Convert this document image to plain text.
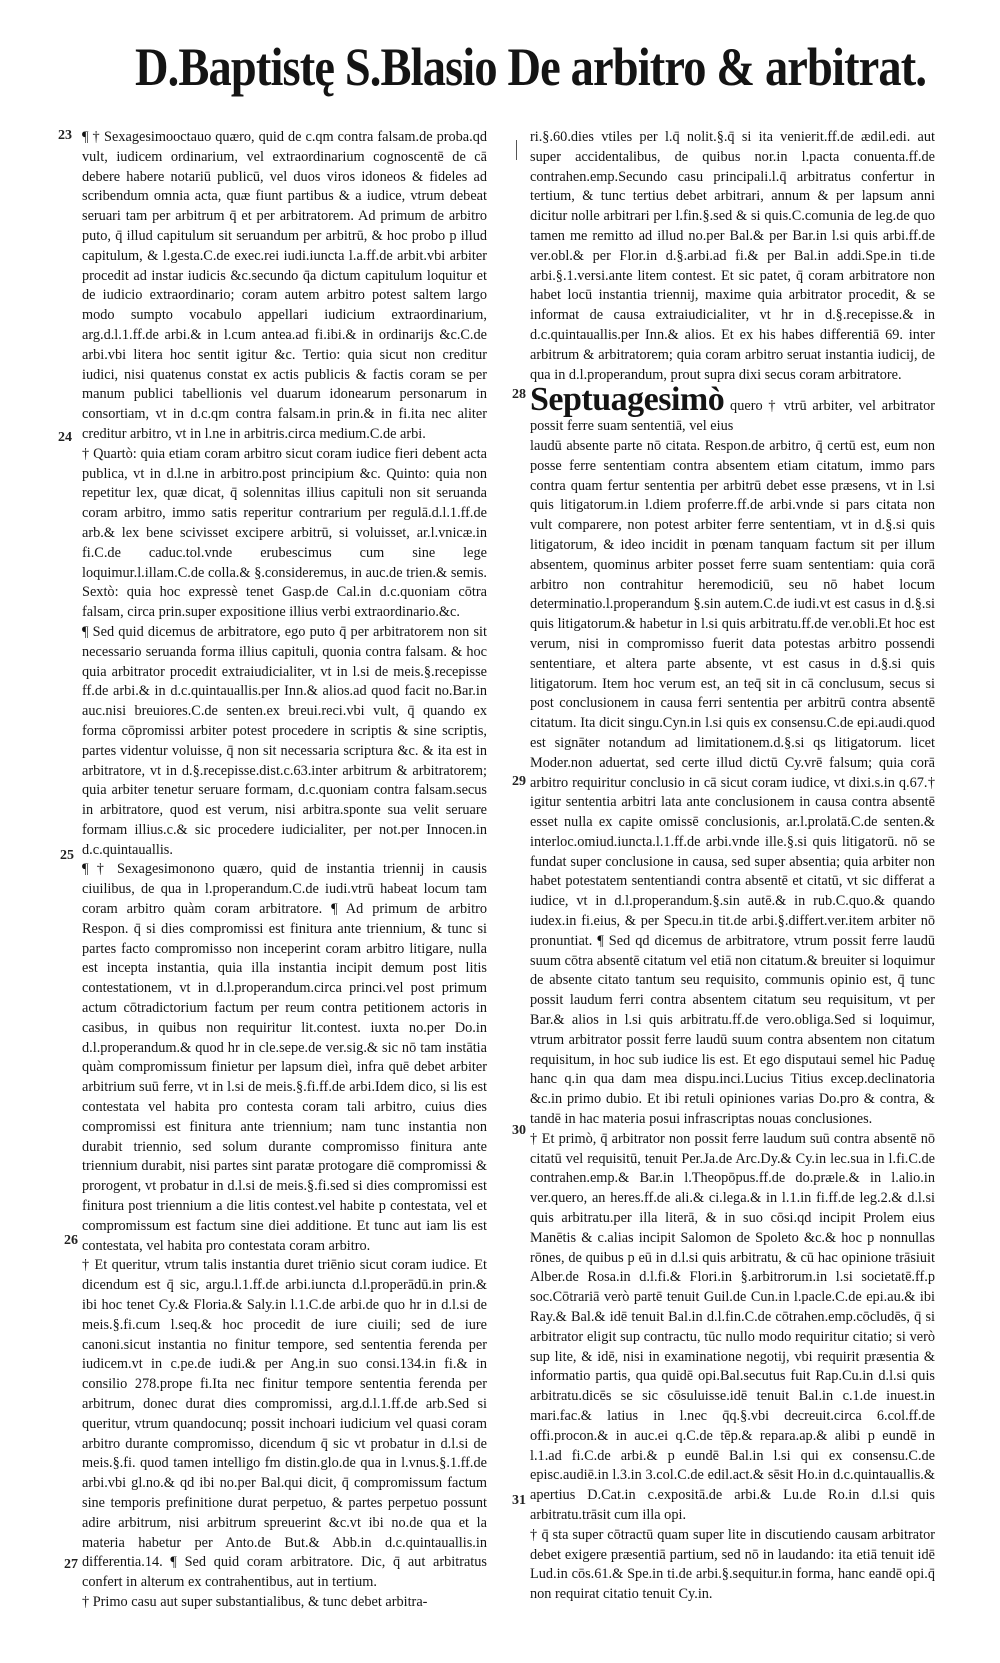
D.Baptistę S.Blasio De arbitro & arbitrat.
23
24
25
26
27
28
29
30
31

¶ † Sexagesimooctauo quæro, quid de c.qm contra falsam.de proba.qd vult, iudicem ordinarium, vel extraordinarium cognoscentē de cā debere habere notariū publicū, vel duos viros idoneos & fideles ad scribendum omnia acta, quæ fiunt partibus & a iudice, vtrum debeat seruari tam per arbitrum q̄ et per arbitratorem. Ad primum de arbitro puto, q̄ illud capitulum sit seruandum per arbitrū, & hoc probo p illud capitulum, & l.gesta.C.de exec.rei iudi.iuncta l.a.ff.de arbit.vbi arbiter procedit ad instar iudicis &c.secundo q̄a dictum capitulum loquitur et de iudicio extraordinario; coram autem arbitro potest saltem largo modo sumpto vocabulo appellari iudicium extraordinarium, arg.d.l.1.ff.de arbi.& in l.cum antea.ad fi.ibi.& in ordinarijs &c.C.de arbi.vbi litera hoc sentit igitur &c. Tertio: quia sicut non creditur iudici, nisi quatenus constat ex actis publicis & factis coram se per manum publici tabellionis vel duarum idonearum personarum in consortiam, vt in d.c.qm contra falsam.in prin.& in fi.ita nec aliter creditur arbitro, vt in l.ne in arbitris.circa medium.C.de arbi.

† Quartò: quia etiam coram arbitro sicut coram iudice fieri debent acta publica, vt in d.l.ne in arbitro.post principium &c. Quinto: quia non repetitur lex, quæ dicat, q̄ solennitas illius capituli non sit seruanda coram arbitro, immo satis reperitur contrarium per regulā.d.l.1.ff.de arb.& lex bene scivisset excipere arbitrū, si voluisset, ar.l.vnicæ.in fi.C.de caduc.tol.vnde erubescimus cum sine lege loquimur.l.illam.C.de colla.& §.consideremus, in auc.de trien.& semis. Sextò: quia hoc expressè tenet Gasp.de Cal.in d.c.quoniam cōtra falsam, circa prin.super expositione illius verbi extraordinario.&c.

¶ Sed quid dicemus de arbitratore, ego puto q̄ per arbitratorem non sit necessario seruanda forma illius capituli, quonia contra falsam. & hoc quia arbitrator procedit extraiudicialiter, vt in l.si de meis.§.recepisse ff.de arbi.& in d.c.quintauallis.per Inn.& alios.ad quod facit no.Bar.in auc.nisi breuiores.C.de senten.ex breui.reci.vbi vult, q̄ quando ex forma cōpromissi arbiter potest procedere in scriptis & sine scriptis, partes videntur voluisse, q̄ non sit necessaria scriptura &c. & ita est in arbitratore, vt in d.§.recepisse.dist.c.63.inter arbitrum & arbitratorem; quia arbiter tenetur seruare formam, d.c.quoniam contra falsam.secus in arbitratore, quod est verum, nisi arbitra.sponte sua velit seruare formam illius.c.& sic procedere iudicialiter, per not.per Innocen.in d.c.quintauallis.

¶ † Sexagesimonono quæro, quid de instantia triennij in causis ciuilibus, de qua in l.properandum.C.de iudi.vtrū habeat locum tam coram arbitro quàm coram arbitratore. ¶ Ad primum de arbitro Respon. q̄ si dies compromissi est finitura ante triennium, & tunc si partes facto compromisso non inceperint coram arbitro litigare, nulla est incepta instantia, quia illa instantia incipit demum post litis contestationem, vt in d.l.properandum.circa princi.vel post primum actum cōtradictorium factum per reum contra petitionem actoris in casibus, in quibus non requiritur lit.contest. iuxta no.per Do.in d.l.properandum.& quod hr in cle.sepe.de ver.sig.& sic nō tam instātia quàm compromissum finietur per lapsum dieì, infra quē debet arbiter arbitrium suū ferre, vt in l.si de meis.§.fi.ff.de arbi.Idem dico, si lis est contestata vel habita pro contesta coram tali arbitro, cuius dies compromissi est finitura ante triennium; nam tunc instantia non durabit triennio, sed solum durante compromisso finitura ante triennium durabit, nisi partes sint paratæ protogare diē compromissi & prorogent, vt probatur in d.l.si de meis.§.fi.sed si dies compromissi est finitura post triennium a die litis contest.vel habite p contestata, vel et compromissum est factum sine diei additione. Et tunc aut iam lis est contestata, vel habita pro contestata coram arbitro.

† Et queritur, vtrum talis instantia duret triēnio sicut coram iudice. Et dicendum est q̄ sic, argu.l.1.ff.de arbi.iuncta d.l.properādū.in prin.& ibi hoc tenet Cy.& Floria.& Saly.in l.1.C.de arbi.de quo hr in d.l.si de meis.§.fi.cum l.seq.& hoc procedit de iure ciuili; sed de iure canoni.sicut instantia no finitur tempore, sed sententia ferenda per iudicem.vt in c.pe.de iudi.& per Ang.in suo consi.134.in fi.& in consilio 278.prope fi.Ita nec finitur tempore sententia ferenda per arbitrum, donec durat dies compromissi, arg.d.l.1.ff.de arb.Sed si queritur, vtrum quandocunq; possit inchoari iudicium vel quasi coram arbitro durante compromisso, dicendum q̄ sic vt probatur in d.l.si de meis.§.fi. quod tamen intelligo fm distin.glo.de qua in l.vnus.§.1.ff.de arbi.vbi gl.no.& qd ibi no.per Bal.qui dicit, q̄ compromissum factum sine temporis prefinitione durat perpetuo, & partes perpetuo possunt adire arbitrum, nisi arbitrum spreuerint &c.vt ibi no.de qua et la materia habetur per Anto.de But.& Abb.in d.c.quintauallis.in differentia.14. ¶ Sed quid coram arbitratore. Dic, q̄ aut arbitratus confert in alterum ex contrahentibus, aut in tertium.

† Primo casu aut super substantialibus, & tunc debet arbitra-

ri.§.60.dies vtiles per l.q̄ nolit.§.q̄ si ita venierit.ff.de ædil.edi. aut super accidentalibus, de quibus nor.in l.pacta conuenta.ff.de contrahen.emp.Secundo casu principali.l.q̄ arbitratus confertur in tertium, & tunc tertius debet arbitrari, annum & per lapsum anni dicitur nolle arbitrari per l.fin.§.sed & si quis.C.comunia de leg.de quo tamen me remitto ad illud no.per Bal.& per Bar.in l.si quis arbi.ff.de ver.obl.& per Flor.in d.§.arbi.ad fi.& per Bal.in addi.Spe.in ti.de arbi.§.1.versi.ante litem contest. Et sic patet, q̄ coram arbitratore non habet locū instantia triennij, maxime quia arbitrator procedit, & se informat de causa extraiudicialiter, vt hr in d.§.recepisse.& in d.c.quintauallis.per Inn.& alios. Et ex his habes differentiā 69. inter arbitrum & arbitratorem; quia coram arbitro seruat instantia iudicij, de qua in d.l.properandum, prout supra dixi secus coram arbitratore.

Septuagesimò quero † vtrū arbiter, vel arbitrator possit ferre suam sententiā, vel eius

laudū absente parte nō citata. Respon.de arbitro, q̄ certū est, eum non posse ferre sententiam contra absentem etiam citatum, immo pars contra quam fertur sententia per arbitrū debet esse præsens, vt in l.si quis litigatorum.in l.diem proferre.ff.de arbi.vnde si pars citata non vult comparere, non potest arbiter ferre sententiam, vt in d.§.si quis litigatorum, & ideo incidit in pœnam tanquam factum sit per illum absentem, quominus arbiter posset ferre suam sententiam: quia corā arbitro non contrahitur heremodiciū, seu nō habet locum determinatio.l.properandum §.sin autem.C.de iudi.vt est casus in d.§.si quis litigatorum.& habetur in l.si quis arbitratu.ff.de ver.obli.Et hoc est verum, nisi in compromisso fuerit data potestas arbitro possendi sententiare, et altera parte absente, vt est casus in d.§.si quis litigatorum. Item hoc verum est, an teq̄ sit in cā conclusum, secus si post conclusionem in causa ferri sententia per arbitrū contra absentē citatum. Ita dicit singu.Cyn.in l.si quis ex consensu.C.de epi.audi.quod est signāter notandum ad limitationem.d.§.si qs litigatorum. licet Moder.non aduertat, sed certe illud dictū Cy.vrē falsum; quia corā arbitro requiritur conclusio in cā sicut coram iudice, vt dixi.s.in q.67.† igitur sententia arbitri lata ante conclusionem in causa contra absentē esset nulla ex capite omissē conclusionis, ar.l.prolatā.C.de senten.& interloc.omiud.iuncta.l.1.ff.de arbi.vnde ille.§.si quis litigatorū. nō se fundat super conclusione in causa, sed super absentia; quia arbiter non habet potestatem sententiandi contra absentē et citatū, vt sic differat a iudice, vt in d.l.properandum.§.sin autē.& in rub.C.quo.& quando iudex.in fi.eius, & per Specu.in tit.de arbi.§.differt.ver.item arbiter nō pronuntiat. ¶ Sed qd dicemus de arbitratore, vtrum possit ferre laudū suum cōtra absentē citatum vel etiā non citatum.& breuiter si loquimur de absente citato tantum seu requisito, communis opinio est, q̄ tunc possit laudum ferri contra absentem citatum seu requisitum, vt per Bar.& alios in l.si quis arbitratu.ff.de vero.obliga.Sed si loquimur, vtrum arbitrator possit ferre laudū suum contra absentem non citatum requisitum, in hoc sub iudice lis est. Et ego disputaui semel hic Paduę hanc q.in qua dam mea dispu.inci.Lucius Titius excep.declinatoria &c.in primo dubio. Et ibi retuli opiniones varias Do.pro & contra, & tandē in hac materia posui infrascriptas nouas conclusiones.

† Et primò, q̄ arbitrator non possit ferre laudum suū contra absentē nō citatū vel requisitū, tenuit Per.Ja.de Arc.Dy.& Cy.in lec.sua in l.fi.C.de contrahen.emp.& Bar.in l.Theopōpus.ff.de do.præle.& in l.alio.in ver.quero, an heres.ff.de ali.& ci.lega.& in l.1.in fi.ff.de leg.2.& d.l.si quis arbitratu.per illa literā, & in suo cōsi.qd incipit Prolem eius Manētis & c.alias incipit Salomon de Spoleto &c.& hoc p nonnullas rōnes, de quibus p eū in d.l.si quis arbitratu, & cū hac opinione trāsiuit Alber.de Rosa.in d.l.fi.& Flori.in §.arbitrorum.in l.si societatē.ff.p soc.Cōtrariā verò partē tenuit Guil.de Cun.in l.pacle.C.de epi.au.& ibi Ray.& Bal.& idē tenuit Bal.in d.l.fin.C.de cōtrahen.emp.cōcludēs, q̄ si arbitrator eligit sup contractu, tūc nullo modo requiritur citatio; si verò sup lite, & idē, nisi in examinatione negotij, vbi requirit præsentia & informatio partis, qua quidē opi.Bal.secutus fuit Rap.Cu.in d.l.si quis arbitratu.dicēs se sic cōsuluisse.idē tenuit Bal.in c.1.de inuest.in mari.fac.& latius in l.nec q̄q.§.vbi decreuit.circa 6.col.ff.de offi.procon.& in auc.ei q.C.de tēp.& repara.ap.& alibi p eundē in l.1.ad fi.C.de arbi.& p eundē Bal.in l.si qui ex consensu.C.de episc.audiē.in l.3.in 3.col.C.de edil.act.& sēsit Ho.in d.c.quintauallis.& apertius D.Cat.in c.expositā.de arbi.& Lu.de Ro.in d.l.si quis arbitratu.trāsit cum illa opi.

† q̄ sta super cōtractū quam super lite in discutiendo causam arbitrator debet exigere præsentiā partium, sed nō in laudando: ita etiā tenuit idē Lud.in cōs.61.& Spe.in ti.de arbi.§.sequitur.in forma, hanc eandē opi.q̄ non requirat citatio tenuit Cy.in.
